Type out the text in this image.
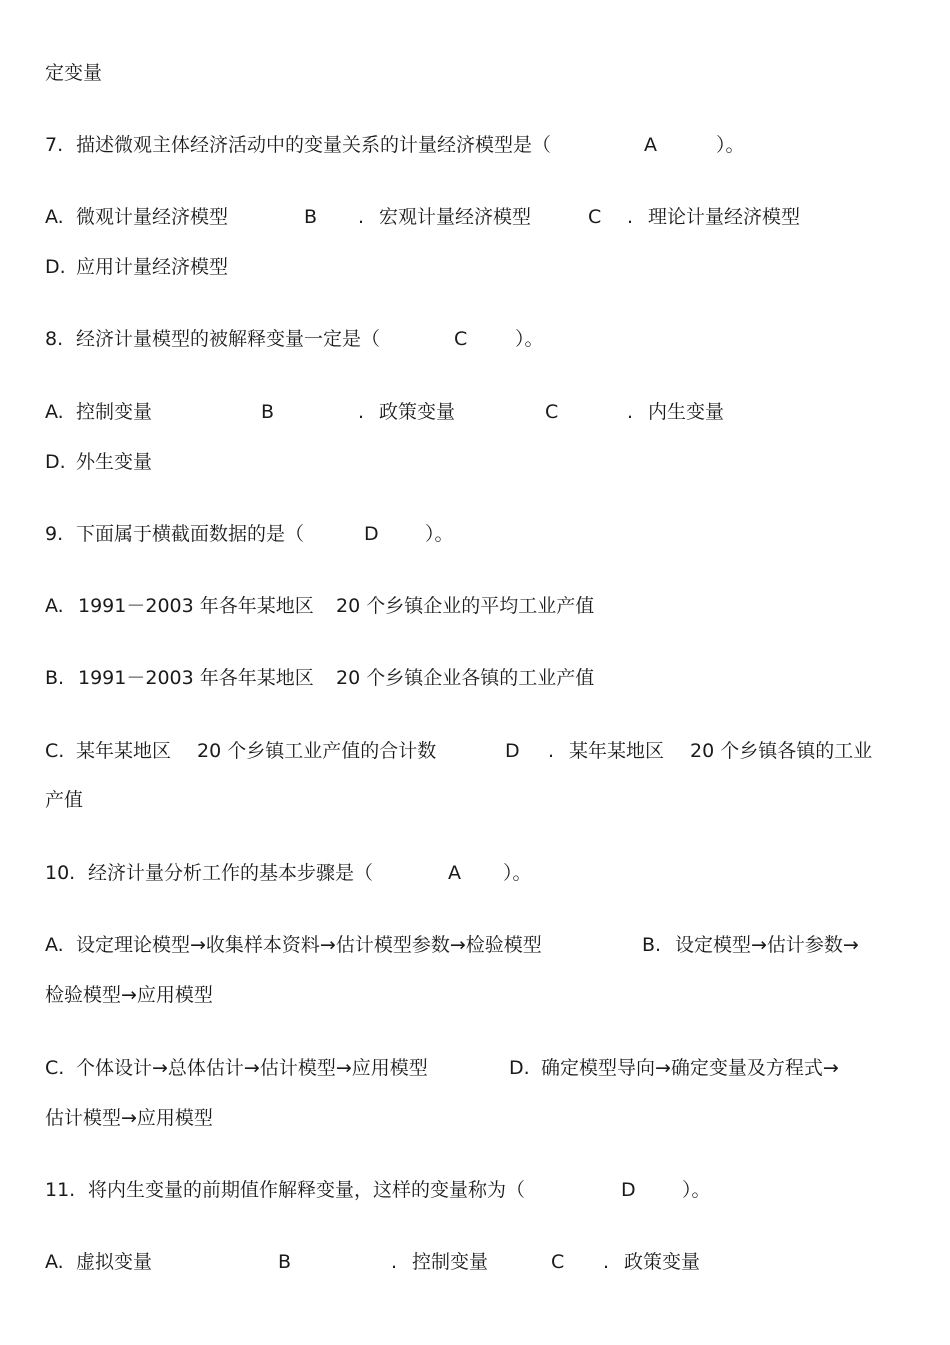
定变量
7. 描述微观主体经济活动中的变量关系的计量经济模型是（	A	）。
A. 微观计量经济模型	B . 宏观计量经济模型	C . 理论计量经济模型
D. 应用计量经济模型
8. 经济计量模型的被解释变量一定是（	C	）。
A. 控制变量	B	. 政策变量	C	. 内生变量
D. 外生变量
9. 下面属于横截面数据的是（	D ）。
A. 1991－2003 年各年某地区 20 个乡镇企业的平均工业产值
B. 1991－2003 年各年某地区 20 个乡镇企业各镇的工业产值
C. 某年某地区 20 个乡镇工业产值的合计数	D . 某年某地区 20 个乡镇各镇的工业
产值
10. 经济计量分析工作的基本步骤是（	A ）。
A. 设定理论模型→收集样本资料→估计模型参数→检验模型	B. 设定模型→估计参数→
检验模型→应用模型
C. 个体设计→总体估计→估计模型→应用模型	D. 确定模型导向→确定变量及方程式→
估计模型→应用模型
11. 将内生变量的前期值作解释变量，这样的变量称为（	D ）。
A. 虚拟变量	B	. 控制变量	C . 政策变量
